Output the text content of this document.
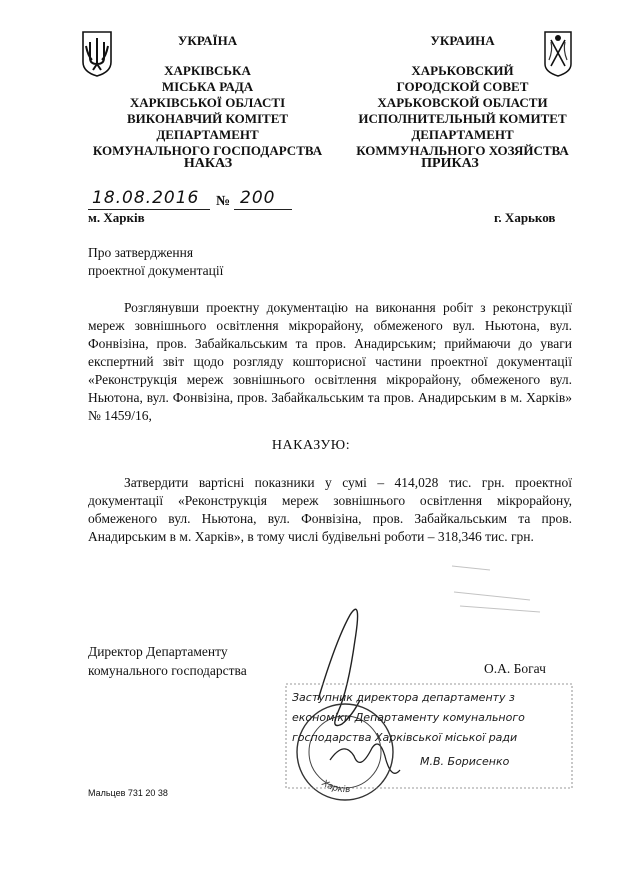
УКРАЇНА
ХАРКІВСЬКА
МІСЬКА РАДА
ХАРКІВСЬКОЇ ОБЛАСТІ
ВИКОНАВЧИЙ КОМІТЕТ
ДЕПАРТАМЕНТ
КОМУНАЛЬНОГО ГОСПОДАРСТВА
УКРАИНА
ХАРЬКОВСКИЙ
ГОРОДСКОЙ СОВЕТ
ХАРЬКОВСКОЙ ОБЛАСТИ
ИСПОЛНИТЕЛЬНЫЙ КОМИТЕТ
ДЕПАРТАМЕНТ
КОММУНАЛЬНОГО ХОЗЯЙСТВА
НАКАЗ	ПРИКАЗ
18.08.2016 № 200
м. Харків	г. Харьков
Про затвердження
проектної документації
Розглянувши проектну документацію на виконання робіт з реконструкції мереж зовнішнього освітлення мікрорайону, обмеженого вул. Ньютона, вул. Фонвізіна, пров. Забайкальським та пров. Анадирським; приймаючи до уваги експертний звіт щодо розгляду кошторисної частини проектної документації «Реконструкція мереж зовнішнього освітлення мікрорайону, обмеженого вул. Ньютона, вул. Фонвізіна, пров. Забайкальським та пров. Анадирським в м. Харків» № 1459/16,
НАКАЗУЮ:
Затвердити вартісні показники у сумі – 414,028 тис. грн. проектної документації «Реконструкція мереж зовнішнього освітлення мікрорайону, обмеженого вул. Ньютона, вул. Фонвізіна, пров. Забайкальським та пров. Анадирським в м. Харків», в тому числі будівельні роботи – 318,346 тис. грн.
Директор Департаменту
комунального господарства	О.А. Богач
Харків
Заступник директора департаменту з
економіки Департаменту комунального
господарства Харківської міської ради
М.В. Борисенко
Мальцев 731 20 38
